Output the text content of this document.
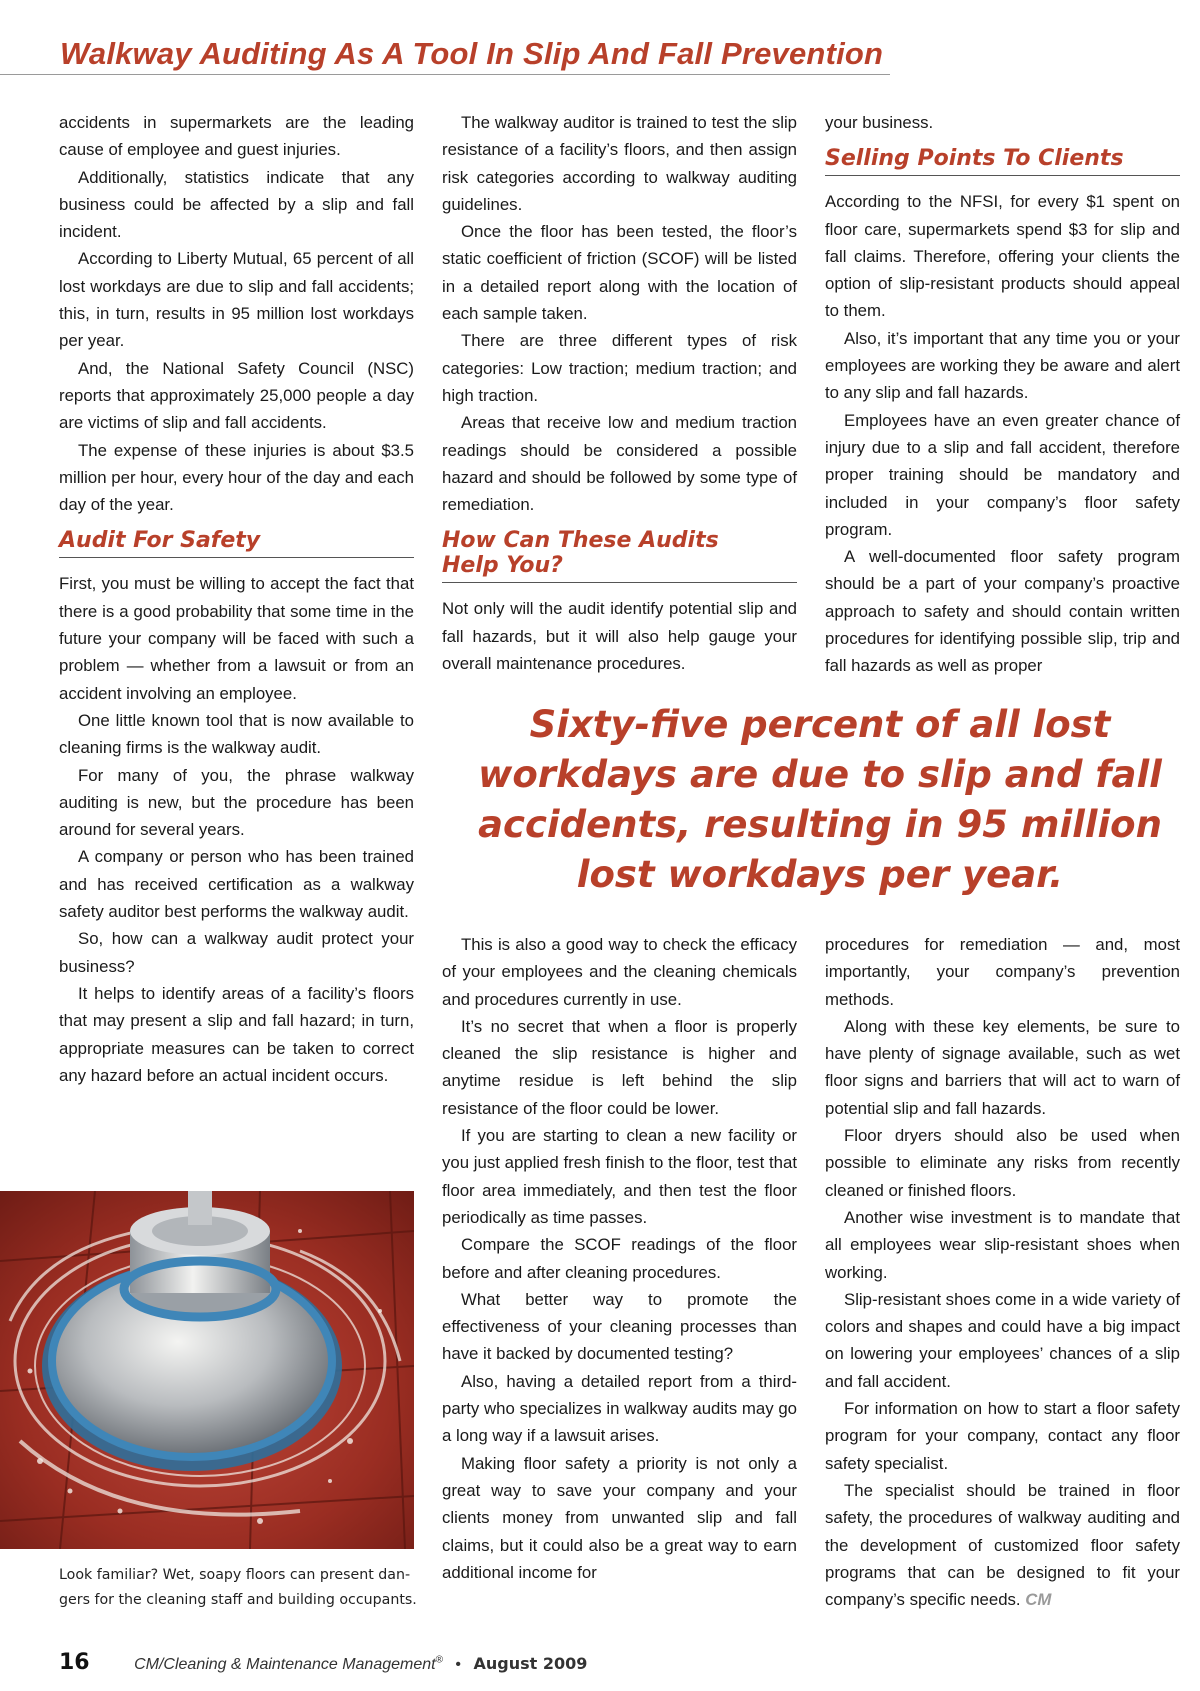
Walkway Auditing As A Tool In Slip And Fall Prevention

accidents in supermarkets are the leading cause of employee and guest injuries.

Additionally, statistics indicate that any business could be affected by a slip and fall incident.

According to Liberty Mutual, 65 percent of all lost workdays are due to slip and fall accidents; this, in turn, results in 95 million lost workdays per year.

And, the National Safety Council (NSC) reports that approximately 25,000 people a day are victims of slip and fall accidents.

The expense of these injuries is about $3.5 million per hour, every hour of the day and each day of the year.

Audit For Safety

First, you must be willing to accept the fact that there is a good probability that some time in the future your company will be faced with such a problem — whether from a lawsuit or from an accident involving an employee.

One little known tool that is now available to cleaning firms is the walkway audit.

For many of you, the phrase walkway auditing is new, but the procedure has been around for several years.

A company or person who has been trained and has received certification as a walkway safety auditor best performs the walkway audit.

So, how can a walkway audit protect your business?

It helps to identify areas of a facility’s floors that may present a slip and fall hazard; in turn, appropriate measures can be taken to correct any hazard before an actual incident occurs.

The walkway auditor is trained to test the slip resistance of a facility’s floors, and then assign risk categories according to walkway auditing guidelines.

Once the floor has been tested, the floor’s static coefficient of friction (SCOF) will be listed in a detailed report along with the location of each sample taken.

There are three different types of risk categories: Low traction; medium traction; and high traction.

Areas that receive low and medium traction readings should be considered a possible hazard and should be followed by some type of remediation.

How Can These Audits
Help You?

Not only will the audit identify potential slip and fall hazards, but it will also help gauge your overall maintenance procedures.

your business.

Selling Points To Clients

According to the NFSI, for every $1 spent on floor care, supermarkets spend $3 for slip and fall claims. Therefore, offering your clients the option of slip-resistant products should appeal to them.

Also, it’s important that any time you or your employees are working they be aware and alert to any slip and fall hazards.

Employees have an even greater chance of injury due to a slip and fall accident, therefore proper training should be mandatory and included in your company’s floor safety program.

A well-documented floor safety program should be a part of your company’s proactive approach to safety and should contain written procedures for identifying possible slip, trip and fall hazards as well as proper

Sixty-five percent of all lost
workdays are due to slip and fall
accidents, resulting in 95 million
lost workdays per year.

This is also a good way to check the efficacy of your employees and the cleaning chemicals and procedures currently in use.

It’s no secret that when a floor is properly cleaned the slip resistance is higher and anytime residue is left behind the slip resistance of the floor could be lower.

If you are starting to clean a new facility or you just applied fresh finish to the floor, test that floor area immediately, and then test the floor periodically as time passes.

Compare the SCOF readings of the floor before and after cleaning procedures.

What better way to promote the effectiveness of your cleaning processes than have it backed by documented testing?

Also, having a detailed report from a third-party who specializes in walkway audits may go a long way if a lawsuit arises.

Making floor safety a priority is not only a great way to save your company and your clients money from unwanted slip and fall claims, but it could also be a great way to earn additional income for

procedures for remediation — and, most importantly, your company’s prevention methods.

Along with these key elements, be sure to have plenty of signage available, such as wet floor signs and barriers that will act to warn of potential slip and fall hazards.

Floor dryers should also be used when possible to eliminate any risks from recently cleaned or finished floors.

Another wise investment is to mandate that all employees wear slip-resistant shoes when working.

Slip-resistant shoes come in a wide variety of colors and shapes and could have a big impact on lowering your employees’ chances of a slip and fall accident.

For information on how to start a floor safety program for your company, contact any floor safety specialist.

The specialist should be trained in floor safety, the procedures of walkway auditing and the development of customized floor safety programs that can be designed to fit your company’s specific needs. CM

Look familiar? Wet, soapy floors can present dan-
gers for the cleaning staff and building occupants.
16	CM/Cleaning & Maintenance Management® • August 2009
